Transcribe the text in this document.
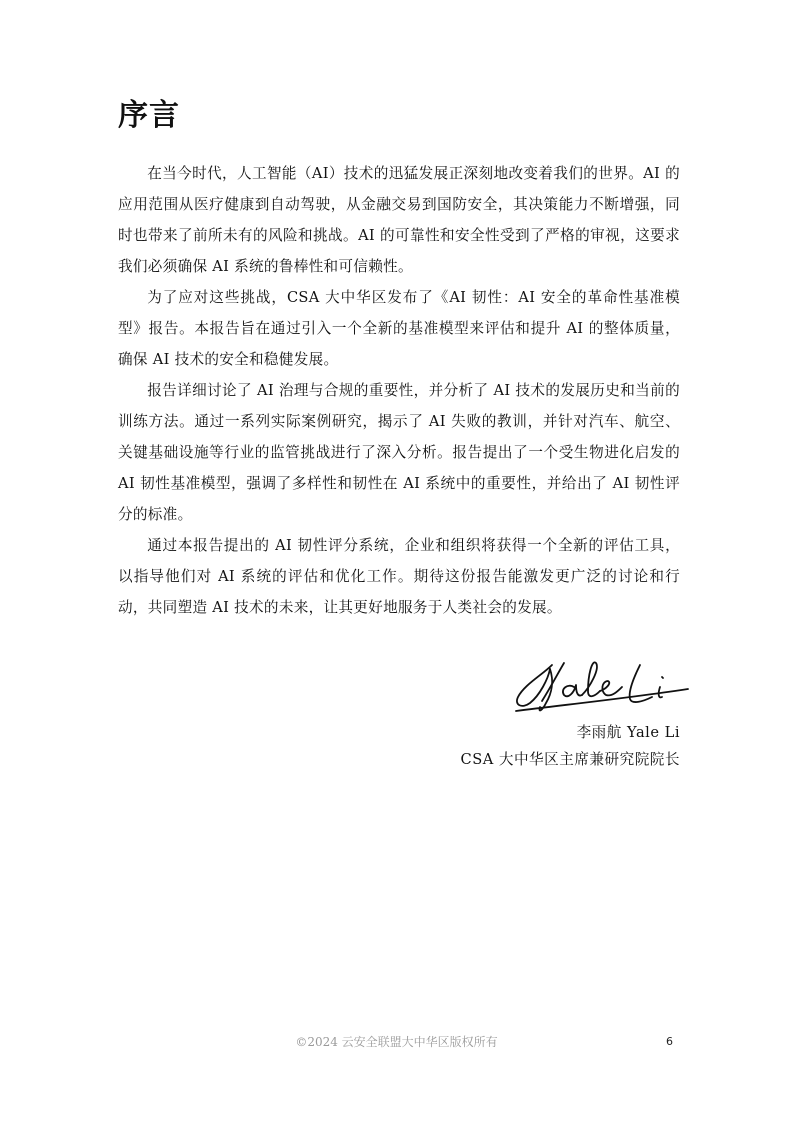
序言

在当今时代，人工智能（AI）技术的迅猛发展正深刻地改变着我们的世界。AI 的应用范围从医疗健康到自动驾驶，从金融交易到国防安全，其决策能力不断增强，同时也带来了前所未有的风险和挑战。AI 的可靠性和安全性受到了严格的审视，这要求我们必须确保 AI 系统的鲁棒性和可信赖性。

为了应对这些挑战，CSA 大中华区发布了《AI 韧性：AI 安全的革命性基准模型》报告。本报告旨在通过引入一个全新的基准模型来评估和提升 AI 的整体质量，确保 AI 技术的安全和稳健发展。

报告详细讨论了 AI 治理与合规的重要性，并分析了 AI 技术的发展历史和当前的训练方法。通过一系列实际案例研究，揭示了 AI 失败的教训，并针对汽车、航空、关键基础设施等行业的监管挑战进行了深入分析。报告提出了一个受生物进化启发的 AI 韧性基准模型，强调了多样性和韧性在 AI 系统中的重要性，并给出了 AI 韧性评分的标准。

通过本报告提出的 AI 韧性评分系统，企业和组织将获得一个全新的评估工具，以指导他们对 AI 系统的评估和优化工作。期待这份报告能激发更广泛的讨论和行动，共同塑造 AI 技术的未来，让其更好地服务于人类社会的发展。

李雨航 Yale Li
CSA 大中华区主席兼研究院院长
©2024 云安全联盟大中华区版权所有	6
